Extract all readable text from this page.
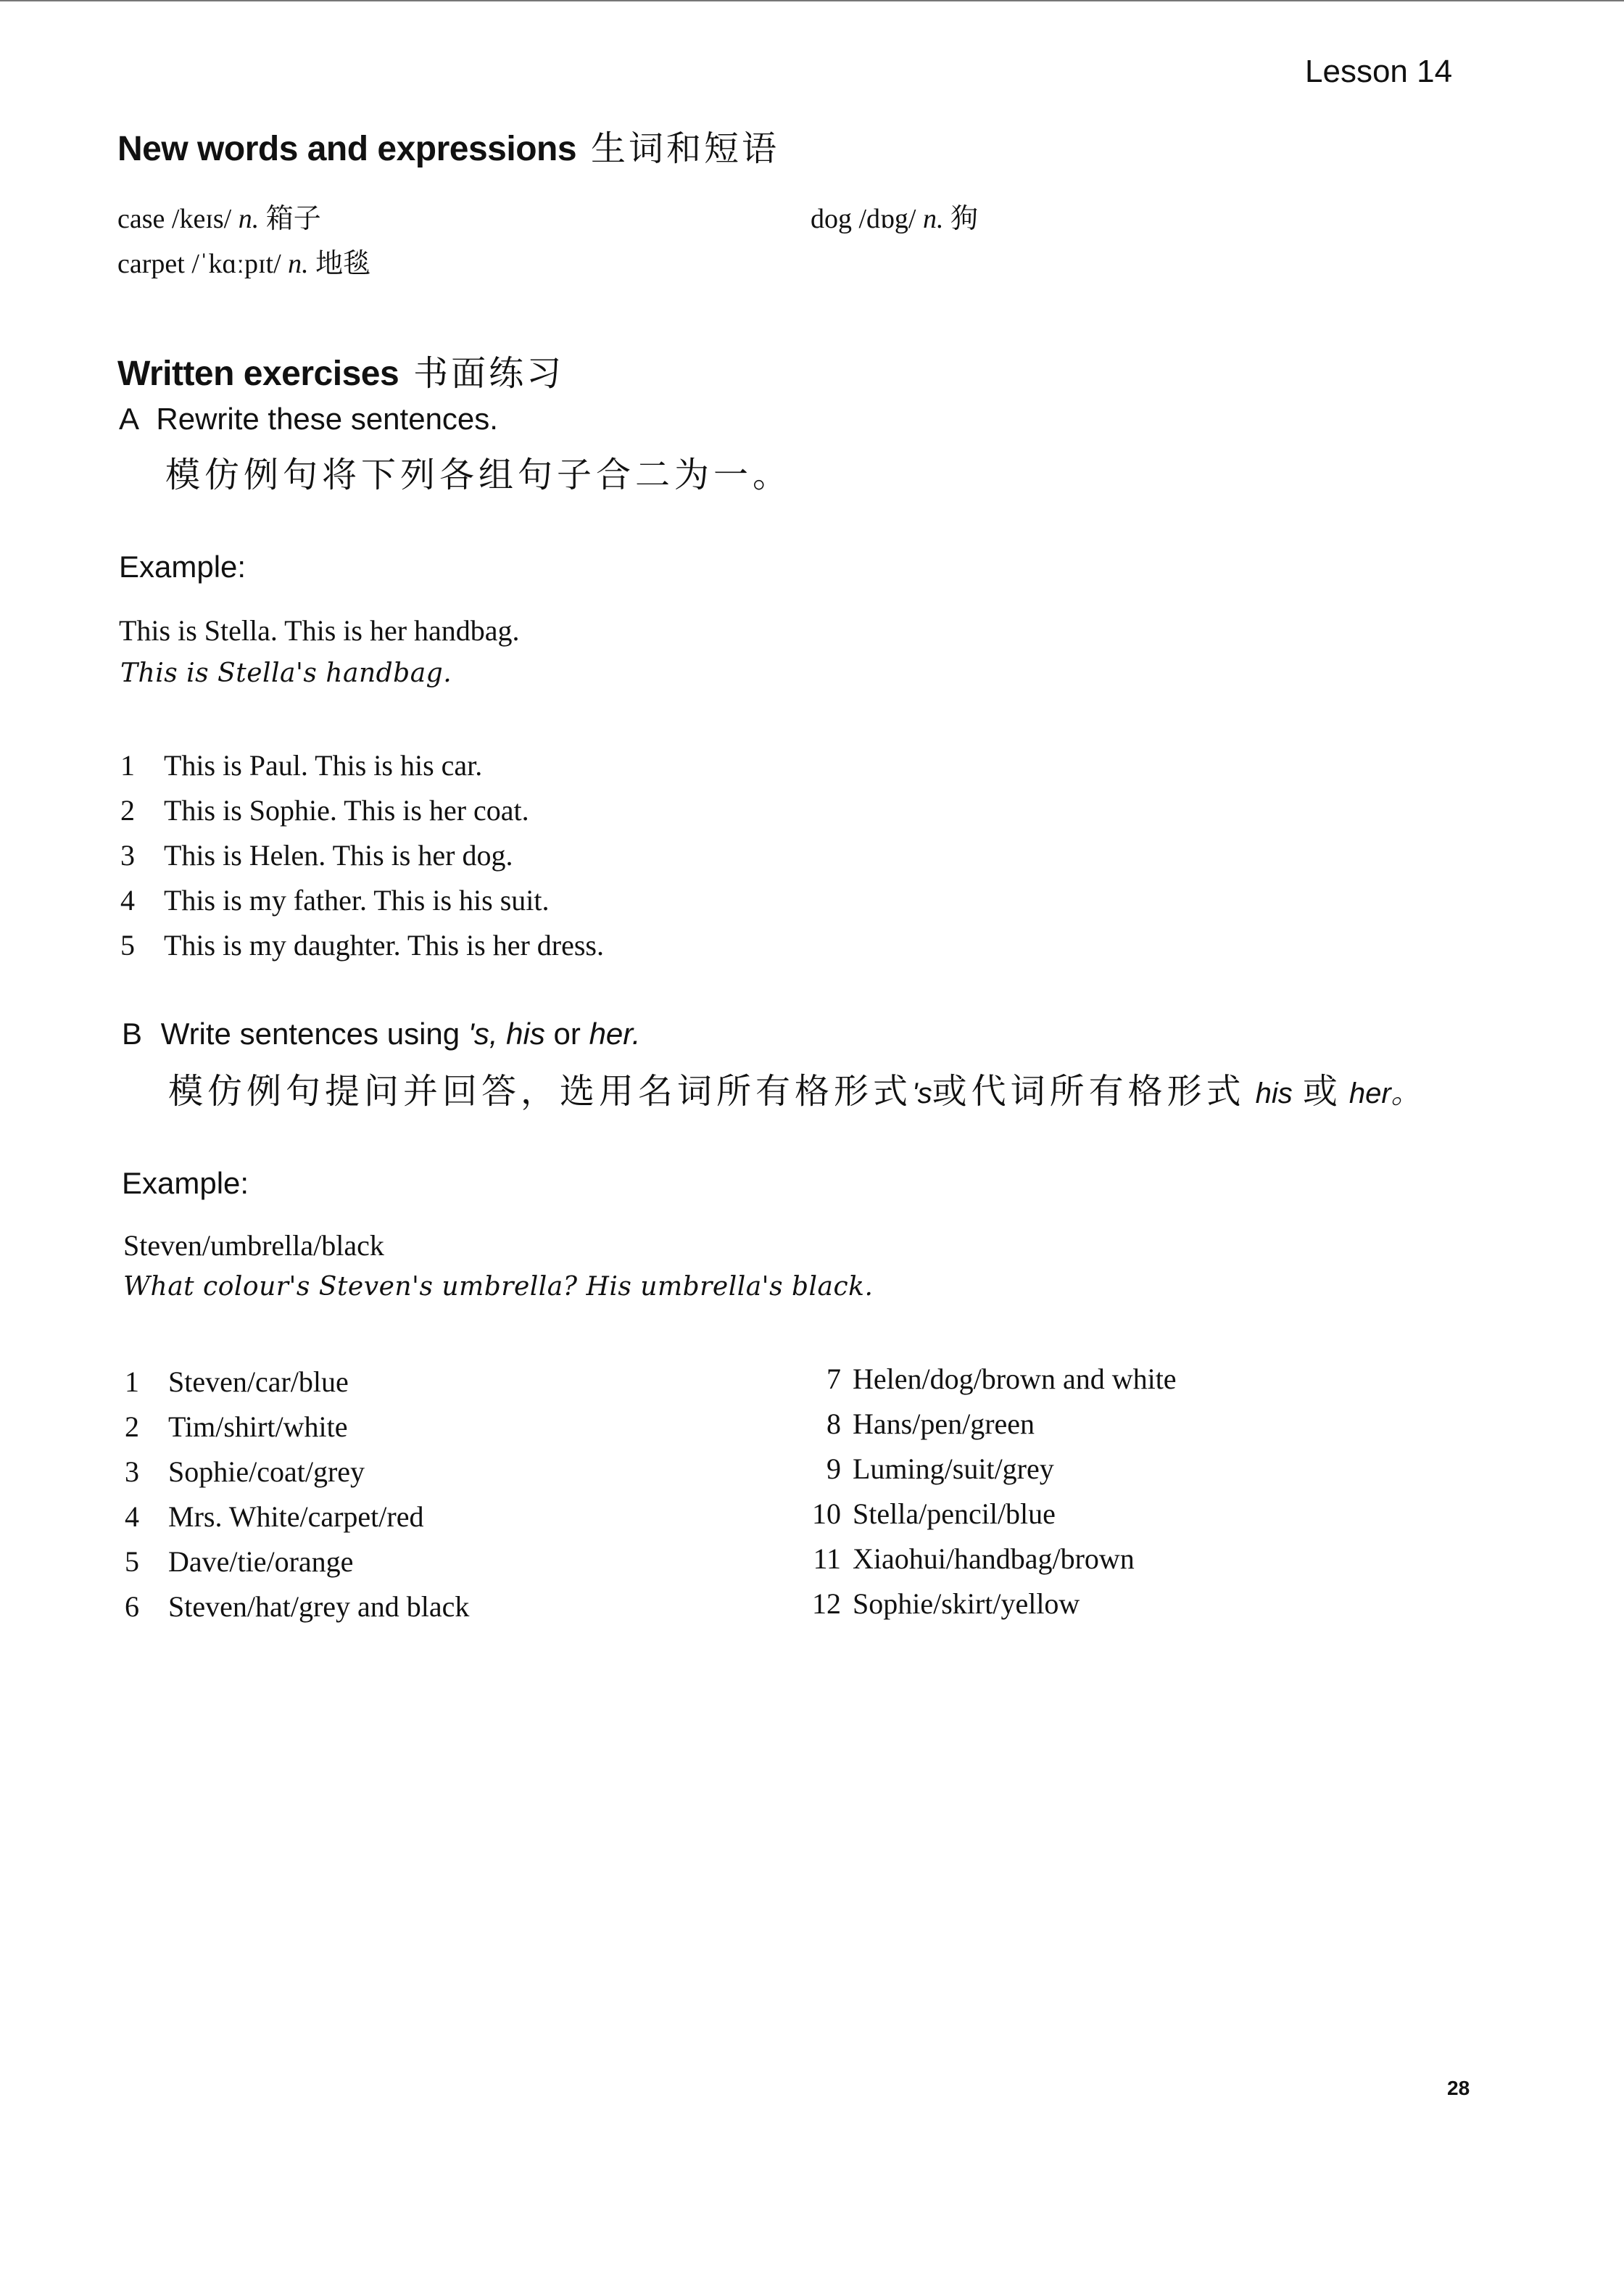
Lesson 14
New words and expressions 生词和短语
case /keɪs/ n. 箱子
carpet /ˈkɑːpɪt/ n. 地毯
dog /dɒg/ n. 狗
Written exercises 书面练习
A Rewrite these sentences.
模仿例句将下列各组句子合二为一。
Example:
This is Stella. This is her handbag.
This is Stella's handbag.
1 This is Paul. This is his car.
2 This is Sophie. This is her coat.
3 This is Helen. This is her dog.
4 This is my father. This is his suit.
5 This is my daughter. This is her dress.
B Write sentences using 's, his or her.
模仿例句提问并回答，选用名词所有格形式's或代词所有格形式 his 或 her。
Example:
Steven/umbrella/black
What colour's Steven's umbrella? His umbrella's black.
1 Steven/car/blue
2 Tim/shirt/white
3 Sophie/coat/grey
4 Mrs. White/carpet/red
5 Dave/tie/orange
6 Steven/hat/grey and black
7 Helen/dog/brown and white
8 Hans/pen/green
9 Luming/suit/grey
10 Stella/pencil/blue
11 Xiaohui/handbag/brown
12 Sophie/skirt/yellow
28
